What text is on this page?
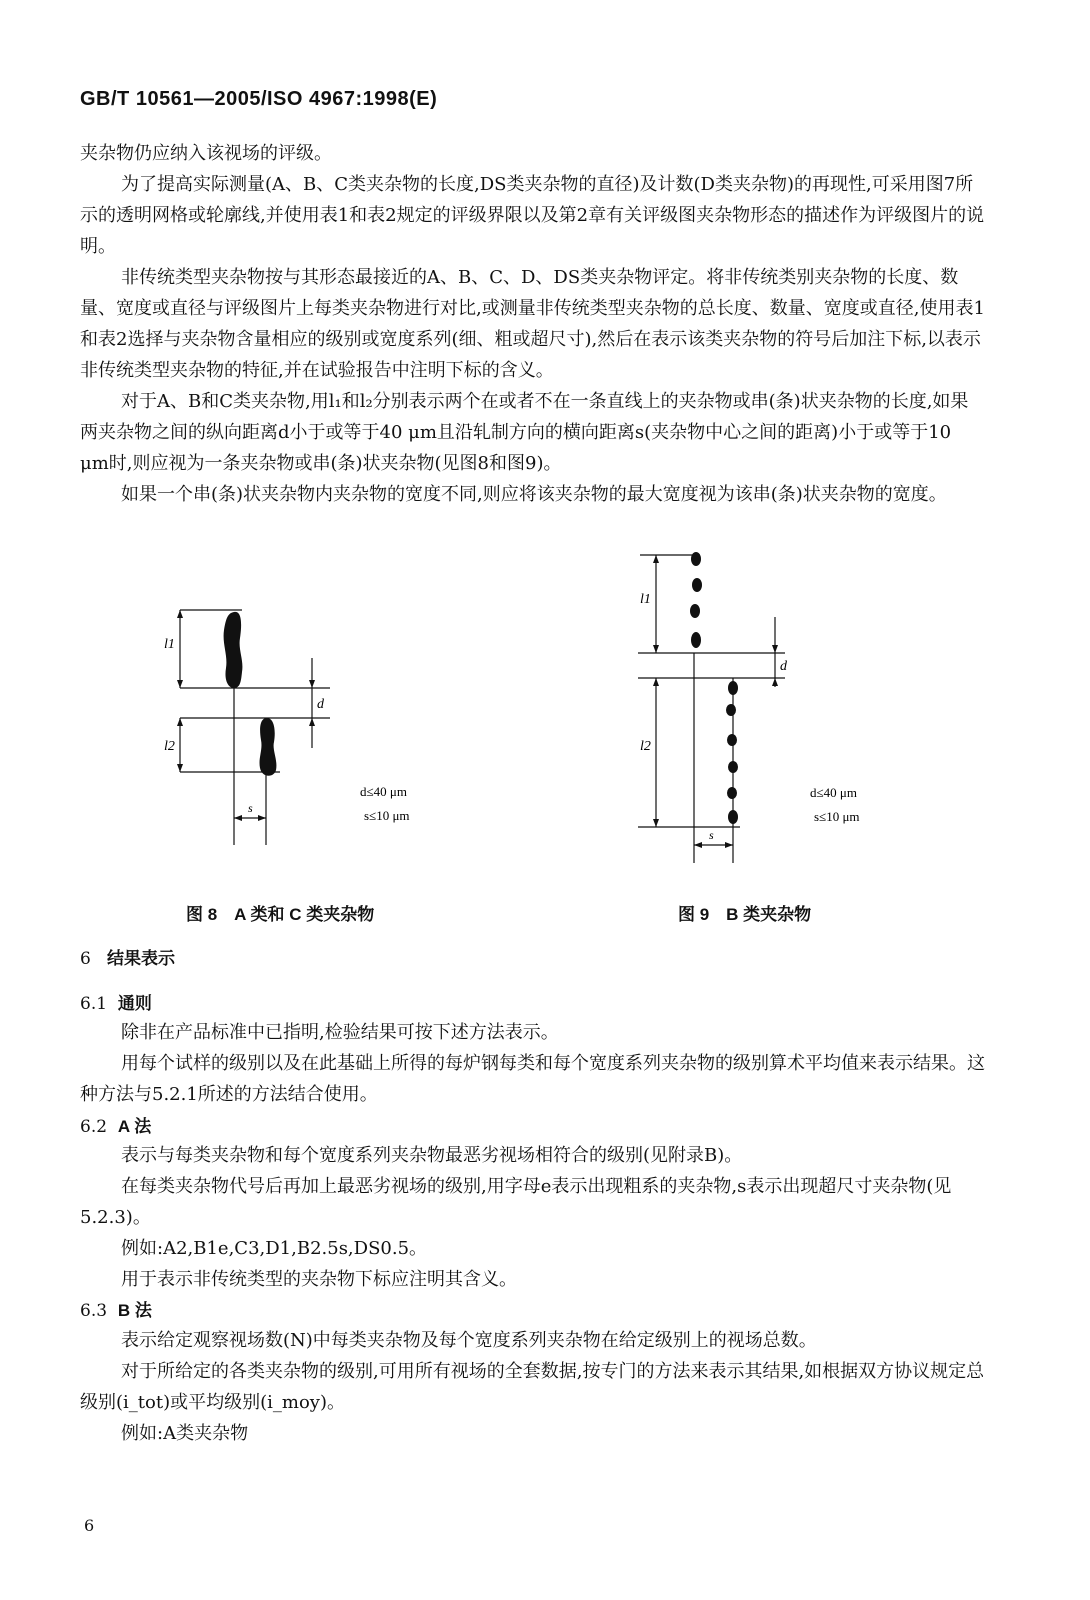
GB/T 10561—2005/ISO 4967:1998(E)

夹杂物仍应纳入该视场的评级。

为了提高实际测量(A、B、C类夹杂物的长度,DS类夹杂物的直径)及计数(D类夹杂物)的再现性,可采用图7所示的透明网格或轮廓线,并使用表1和表2规定的评级界限以及第2章有关评级图夹杂物形态的描述作为评级图片的说明。

非传统类型夹杂物按与其形态最接近的A、B、C、D、DS类夹杂物评定。将非传统类别夹杂物的长度、数量、宽度或直径与评级图片上每类夹杂物进行对比,或测量非传统类型夹杂物的总长度、数量、宽度或直径,使用表1和表2选择与夹杂物含量相应的级别或宽度系列(细、粗或超尺寸),然后在表示该类夹杂物的符号后加注下标,以表示非传统类型夹杂物的特征,并在试验报告中注明下标的含义。

对于A、B和C类夹杂物,用l₁和l₂分别表示两个在或者不在一条直线上的夹杂物或串(条)状夹杂物的长度,如果两夹杂物之间的纵向距离d小于或等于40 μm且沿轧制方向的横向距离s(夹杂物中心之间的距离)小于或等于10 μm时,则应视为一条夹杂物或串(条)状夹杂物(见图8和图9)。

如果一个串(条)状夹杂物内夹杂物的宽度不同,则应将该夹杂物的最大宽度视为该串(条)状夹杂物的宽度。

l1
l2
d
s
d≤40 μm
s≤10 μm
图 8　A 类和 C 类夹杂物
l1
l2
d
s
d≤40 μm
s≤10 μm
图 9　B 类夹杂物
6 结果表示
6.1 通则

除非在产品标准中已指明,检验结果可按下述方法表示。

用每个试样的级别以及在此基础上所得的每炉钢每类和每个宽度系列夹杂物的级别算术平均值来表示结果。这种方法与5.2.1所述的方法结合使用。

6.2 A 法

表示与每类夹杂物和每个宽度系列夹杂物最恶劣视场相符合的级别(见附录B)。

在每类夹杂物代号后再加上最恶劣视场的级别,用字母e表示出现粗系的夹杂物,s表示出现超尺寸夹杂物(见5.2.3)。

例如:A2,B1e,C3,D1,B2.5s,DS0.5。

用于表示非传统类型的夹杂物下标应注明其含义。

6.3 B 法

表示给定观察视场数(N)中每类夹杂物及每个宽度系列夹杂物在给定级别上的视场总数。

对于所给定的各类夹杂物的级别,可用所有视场的全套数据,按专门的方法来表示其结果,如根据双方协议规定总级别(i_tot)或平均级别(i_moy)。

例如:A类夹杂物

6
